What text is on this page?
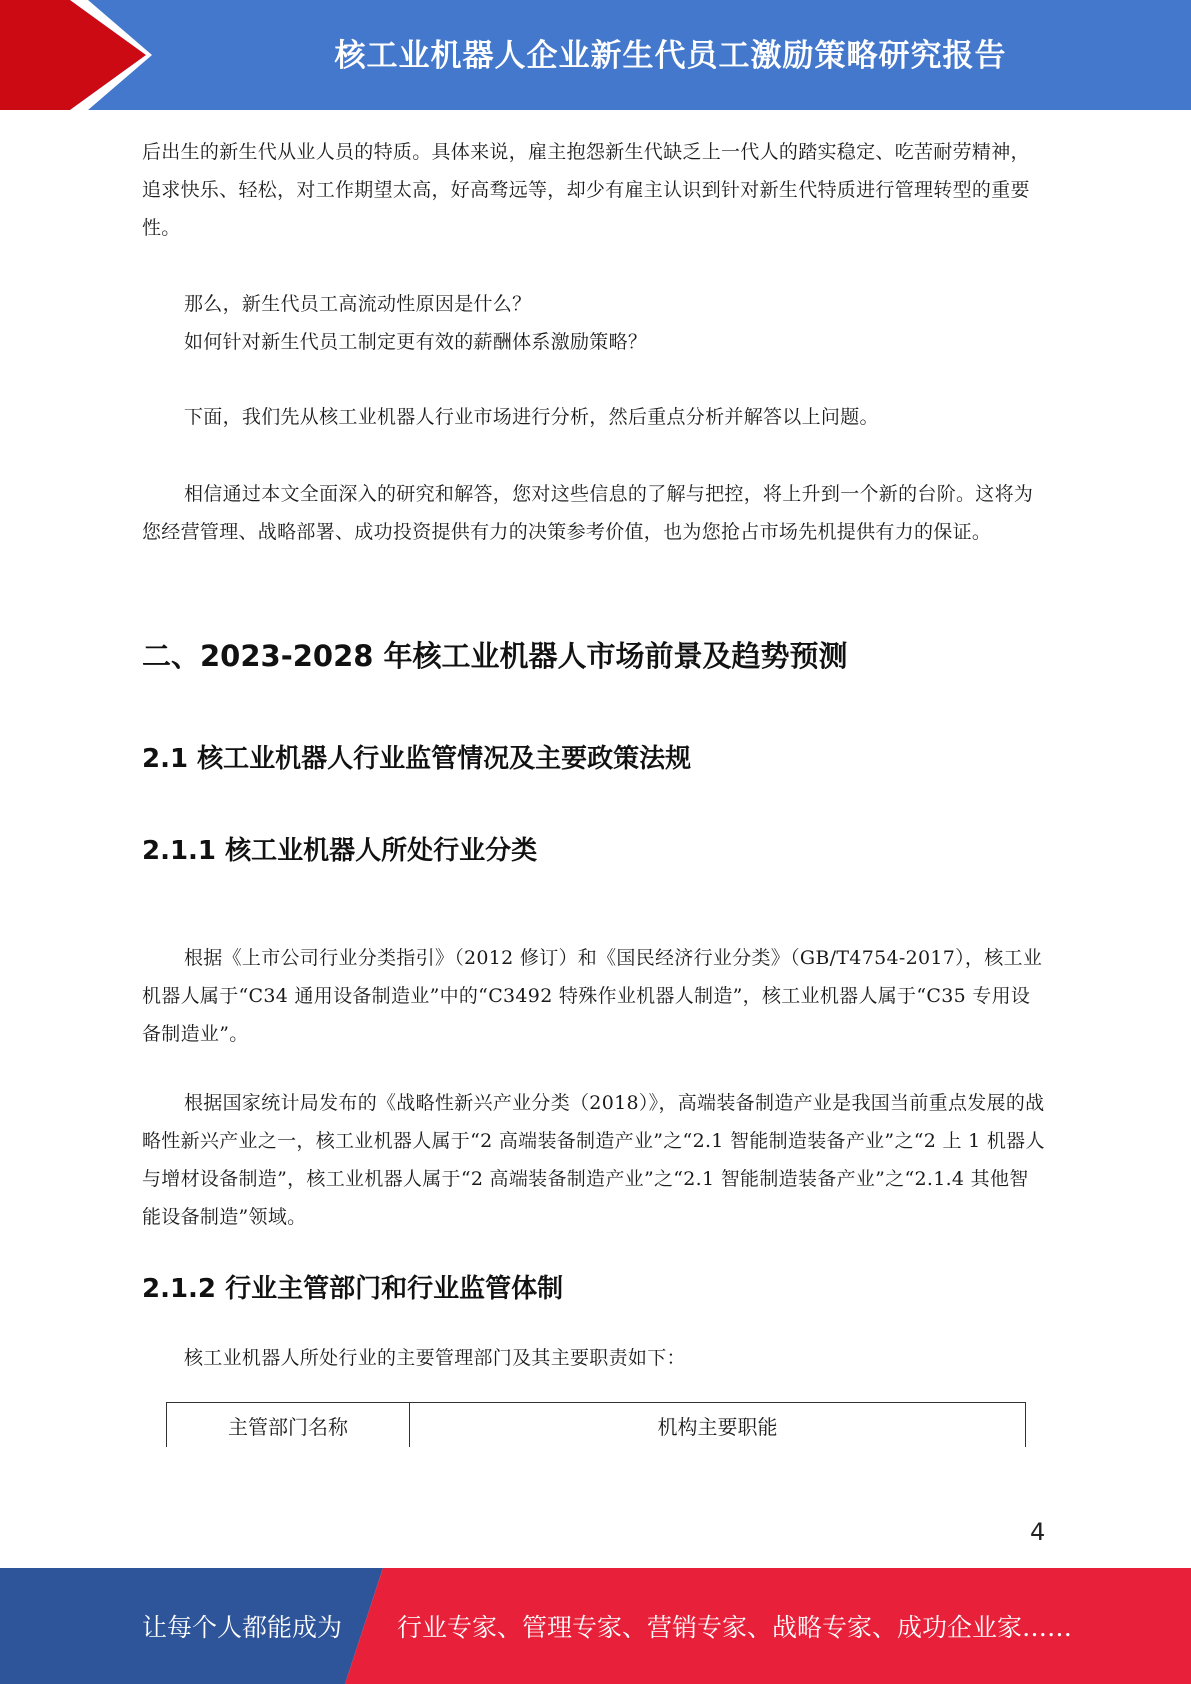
核工业机器人企业新生代员工激励策略研究报告

后出生的新生代从业人员的特质。具体来说，雇主抱怨新生代缺乏上一代人的踏实稳定、吃苦耐劳精神，追求快乐、轻松，对工作期望太高，好高骛远等，却少有雇主认识到针对新生代特质进行管理转型的重要性。

那么，新生代员工高流动性原因是什么？

如何针对新生代员工制定更有效的薪酬体系激励策略？

下面，我们先从核工业机器人行业市场进行分析，然后重点分析并解答以上问题。

相信通过本文全面深入的研究和解答，您对这些信息的了解与把控，将上升到一个新的台阶。这将为您经营管理、战略部署、成功投资提供有力的决策参考价值，也为您抢占市场先机提供有力的保证。

二、2023-2028 年核工业机器人市场前景及趋势预测
2.1 核工业机器人行业监管情况及主要政策法规
2.1.1 核工业机器人所处行业分类

根据《上市公司行业分类指引》（2012 修订）和《国民经济行业分类》（GB/T4754-2017），核工业机器人属于“C34 通用设备制造业”中的“C3492 特殊作业机器人制造”，核工业机器人属于“C35 专用设备制造业”。

根据国家统计局发布的《战略性新兴产业分类（2018）》，高端装备制造产业是我国当前重点发展的战略性新兴产业之一，核工业机器人属于“2 高端装备制造产业”之“2.1 智能制造装备产业”之“2 上 1 机器人与增材设备制造”，核工业机器人属于“2 高端装备制造产业”之“2.1 智能制造装备产业”之“2.1.4 其他智能设备制造”领域。

2.1.2 行业主管部门和行业监管体制

核工业机器人所处行业的主要管理部门及其主要职责如下：

主管部门名称	机构主要职能
4
让每个人都能成为 行业专家、管理专家、营销专家、战略专家、成功企业家……
